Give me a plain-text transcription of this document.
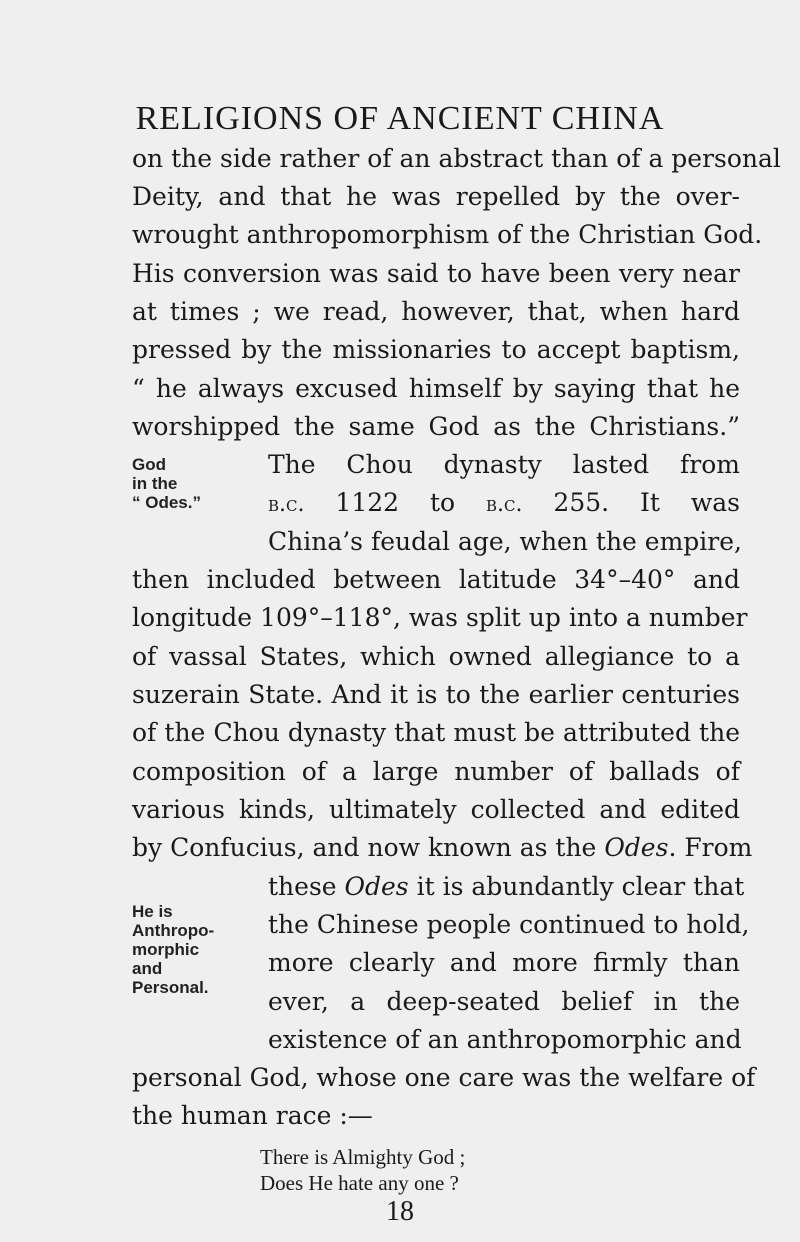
RELIGIONS OF ANCIENT CHINA
on the side rather of an abstract than of a personal
Deity, and that he was repelled by the over-
wrought anthropomorphism of the Christian God.
His conversion was said to have been very near
at times ; we read, however, that, when hard
pressed by the missionaries to accept baptism,
“ he always excused himself by saying that he
worshipped the same God as the Christians.”
God
in the
“ Odes.”
The Chou dynasty lasted from
b.c. 1122 to b.c. 255. It was
China’s feudal age, when the empire,
then included between latitude 34°–40° and
longitude 109°–118°, was split up into a number
of vassal States, which owned allegiance to a
suzerain State. And it is to the earlier centuries
of the Chou dynasty that must be attributed the
composition of a large number of ballads of
various kinds, ultimately collected and edited
by Confucius, and now known as the Odes. From
these Odes it is abundantly clear that
He is
Anthropo-
morphic
and
Personal.
the Chinese people continued to hold,
more clearly and more firmly than
ever, a deep-seated belief in the
existence of an anthropomorphic and
personal God, whose one care was the welfare of
the human race :—
There is Almighty God ;
Does He hate any one ?
18
